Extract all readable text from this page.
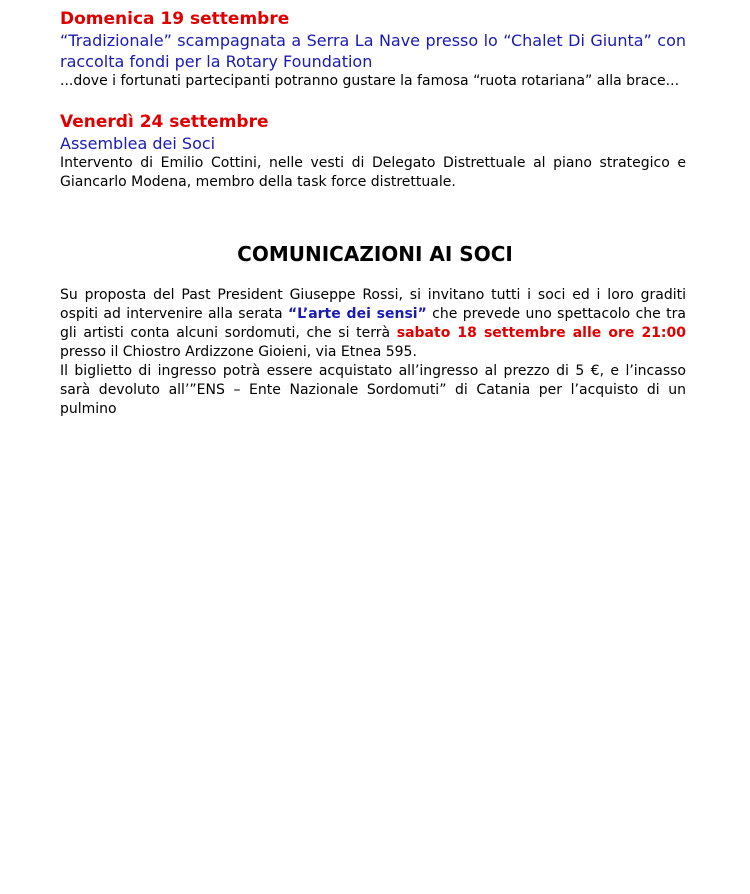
Domenica 19 settembre
“Tradizionale” scampagnata a Serra La Nave presso lo “Chalet Di Giunta” con raccolta fondi per la Rotary Foundation
...dove i fortunati partecipanti potranno gustare la famosa “ruota rotariana” alla brace...
Venerdì 24 settembre
Assemblea dei Soci
Intervento di Emilio Cottini, nelle vesti di Delegato Distrettuale al piano strategico e Giancarlo Modena, membro della task force distrettuale.
COMUNICAZIONI AI SOCI
Su proposta del Past President Giuseppe Rossi, si invitano tutti i soci ed i loro graditi ospiti ad intervenire alla serata “L’arte dei sensi” che prevede uno spettacolo che tra gli artisti conta alcuni sordomuti, che si terrà sabato 18 settembre alle ore 21:00 presso il Chiostro Ardizzone Gioieni, via Etnea 595.
Il biglietto di ingresso potrà essere acquistato all’ingresso al prezzo di 5 €, e l’incasso sarà devoluto all’”ENS – Ente Nazionale Sordomuti” di Catania per l’acquisto di un pulmino
